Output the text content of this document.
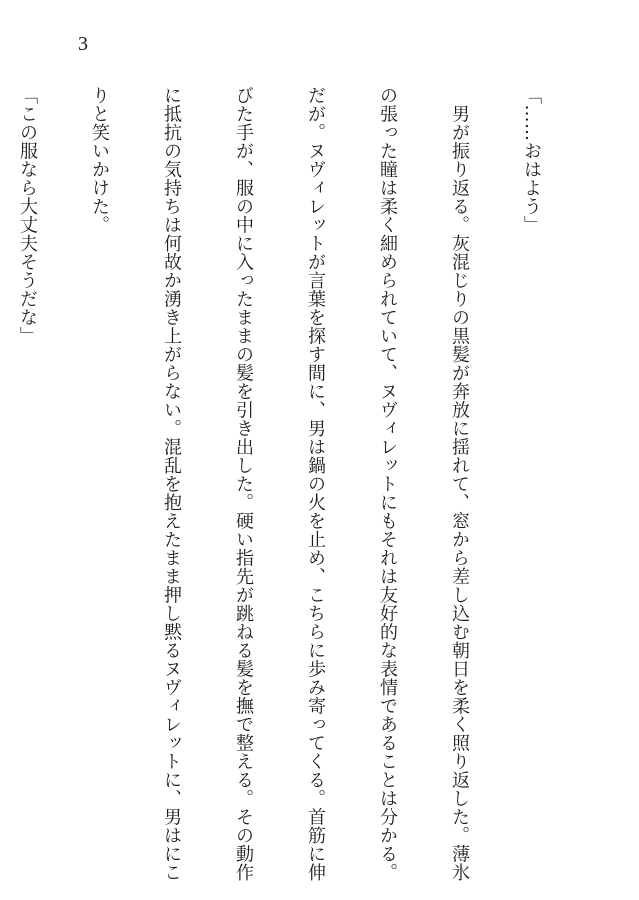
3

「……おはよう」

　男が振り返る。灰混じりの黒髪が奔放に揺れて、窓から差し込む朝日を柔く照り返した。薄氷

の張った瞳は柔く細められていて、ヌヴィレットにもそれは友好的な表情であることは分かる。

だが。ヌヴィレットが言葉を探す間に、男は鍋の火を止め、こちらに歩み寄ってくる。首筋に伸

びた手が、服の中に入ったままの髪を引き出した。硬い指先が跳ねる髪を撫で整える。その動作

に抵抗の気持ちは何故か湧き上がらない。混乱を抱えたまま押し黙るヌヴィレットに、男はにこ

りと笑いかけた。

「この服なら大丈夫そうだな」
